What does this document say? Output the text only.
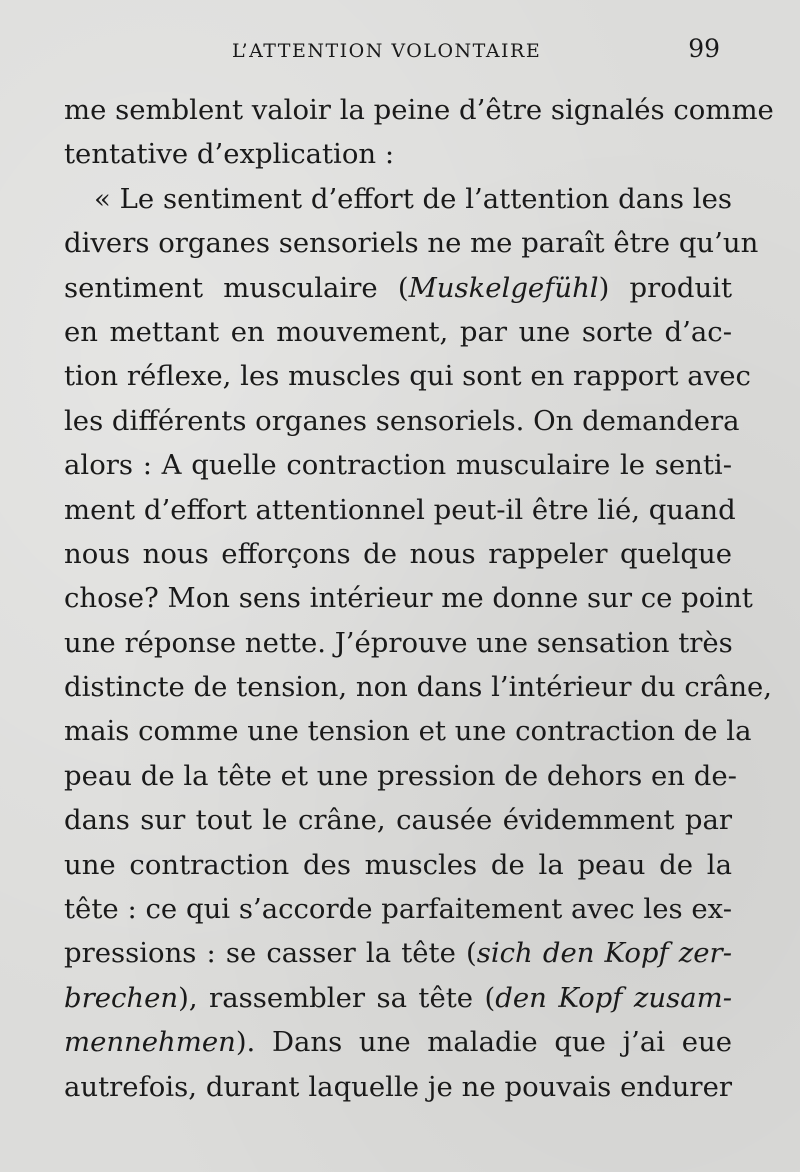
L’ATTENTION VOLONTAIRE	99
me semblent valoir la peine d’être signalés comme
tentative d’explication :
« Le sentiment d’effort de l’attention dans les
divers organes sensoriels ne me paraît être qu’un
sentiment musculaire (Muskelgefühl) produit
en mettant en mouvement, par une sorte d’ac-
tion réflexe, les muscles qui sont en rapport avec
les différents organes sensoriels. On demandera
alors : A quelle contraction musculaire le senti-
ment d’effort attentionnel peut-il être lié, quand
nous nous efforçons de nous rappeler quelque
chose? Mon sens intérieur me donne sur ce point
une réponse nette. J’éprouve une sensation très
distincte de tension, non dans l’intérieur du crâne,
mais comme une tension et une contraction de la
peau de la tête et une pression de dehors en de-
dans sur tout le crâne, causée évidemment par
une contraction des muscles de la peau de la
tête : ce qui s’accorde parfaitement avec les ex-
pressions : se casser la tête (sich den Kopf zer-
brechen), rassembler sa tête (den Kopf zusam-
mennehmen). Dans une maladie que j’ai eue
autrefois, durant laquelle je ne pouvais endurer
